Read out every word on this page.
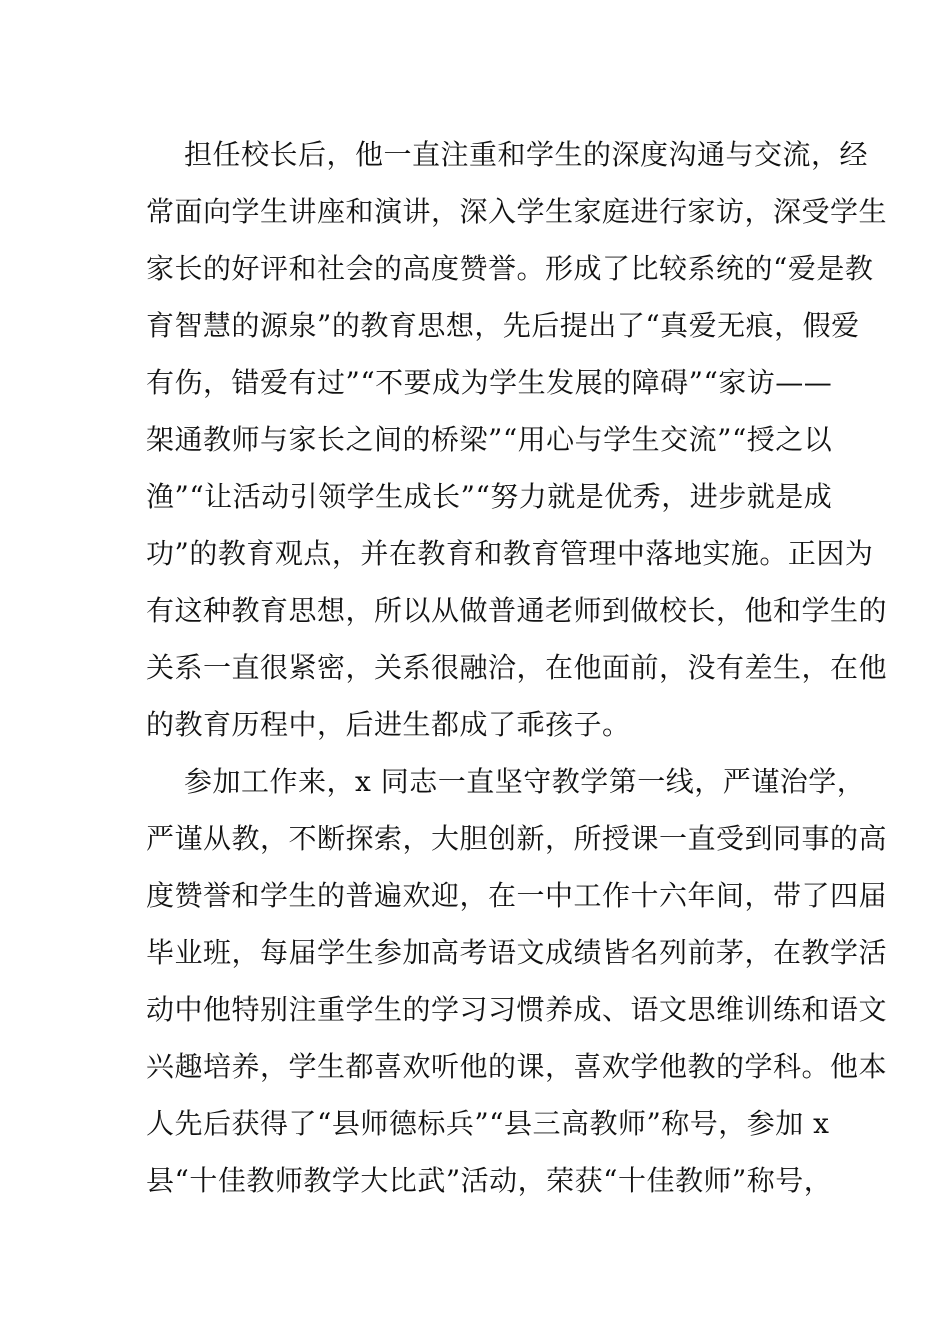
担任校长后，他一直注重和学生的深度沟通与交流，经
常面向学生讲座和演讲，深入学生家庭进行家访，深受学生
家长的好评和社会的高度赞誉。形成了比较系统的“爱是教
育智慧的源泉”的教育思想，先后提出了“真爱无痕，假爱
有伤，错爱有过”“不要成为学生发展的障碍”“家访——
架通教师与家长之间的桥梁”“用心与学生交流”“授之以
渔”“让活动引领学生成长”“努力就是优秀，进步就是成
功”的教育观点，并在教育和教育管理中落地实施。正因为
有这种教育思想，所以从做普通老师到做校长，他和学生的
关系一直很紧密，关系很融洽，在他面前，没有差生，在他
的教育历程中，后进生都成了乖孩子。
参加工作来，x 同志一直坚守教学第一线，严谨治学，
严谨从教，不断探索，大胆创新，所授课一直受到同事的高
度赞誉和学生的普遍欢迎，在一中工作十六年间，带了四届
毕业班，每届学生参加高考语文成绩皆名列前茅，在教学活
动中他特别注重学生的学习习惯养成、语文思维训练和语文
兴趣培养，学生都喜欢听他的课，喜欢学他教的学科。他本
人先后获得了“县师德标兵”“县三高教师”称号，参加 x
县“十佳教师教学大比武”活动，荣获“十佳教师”称号，
